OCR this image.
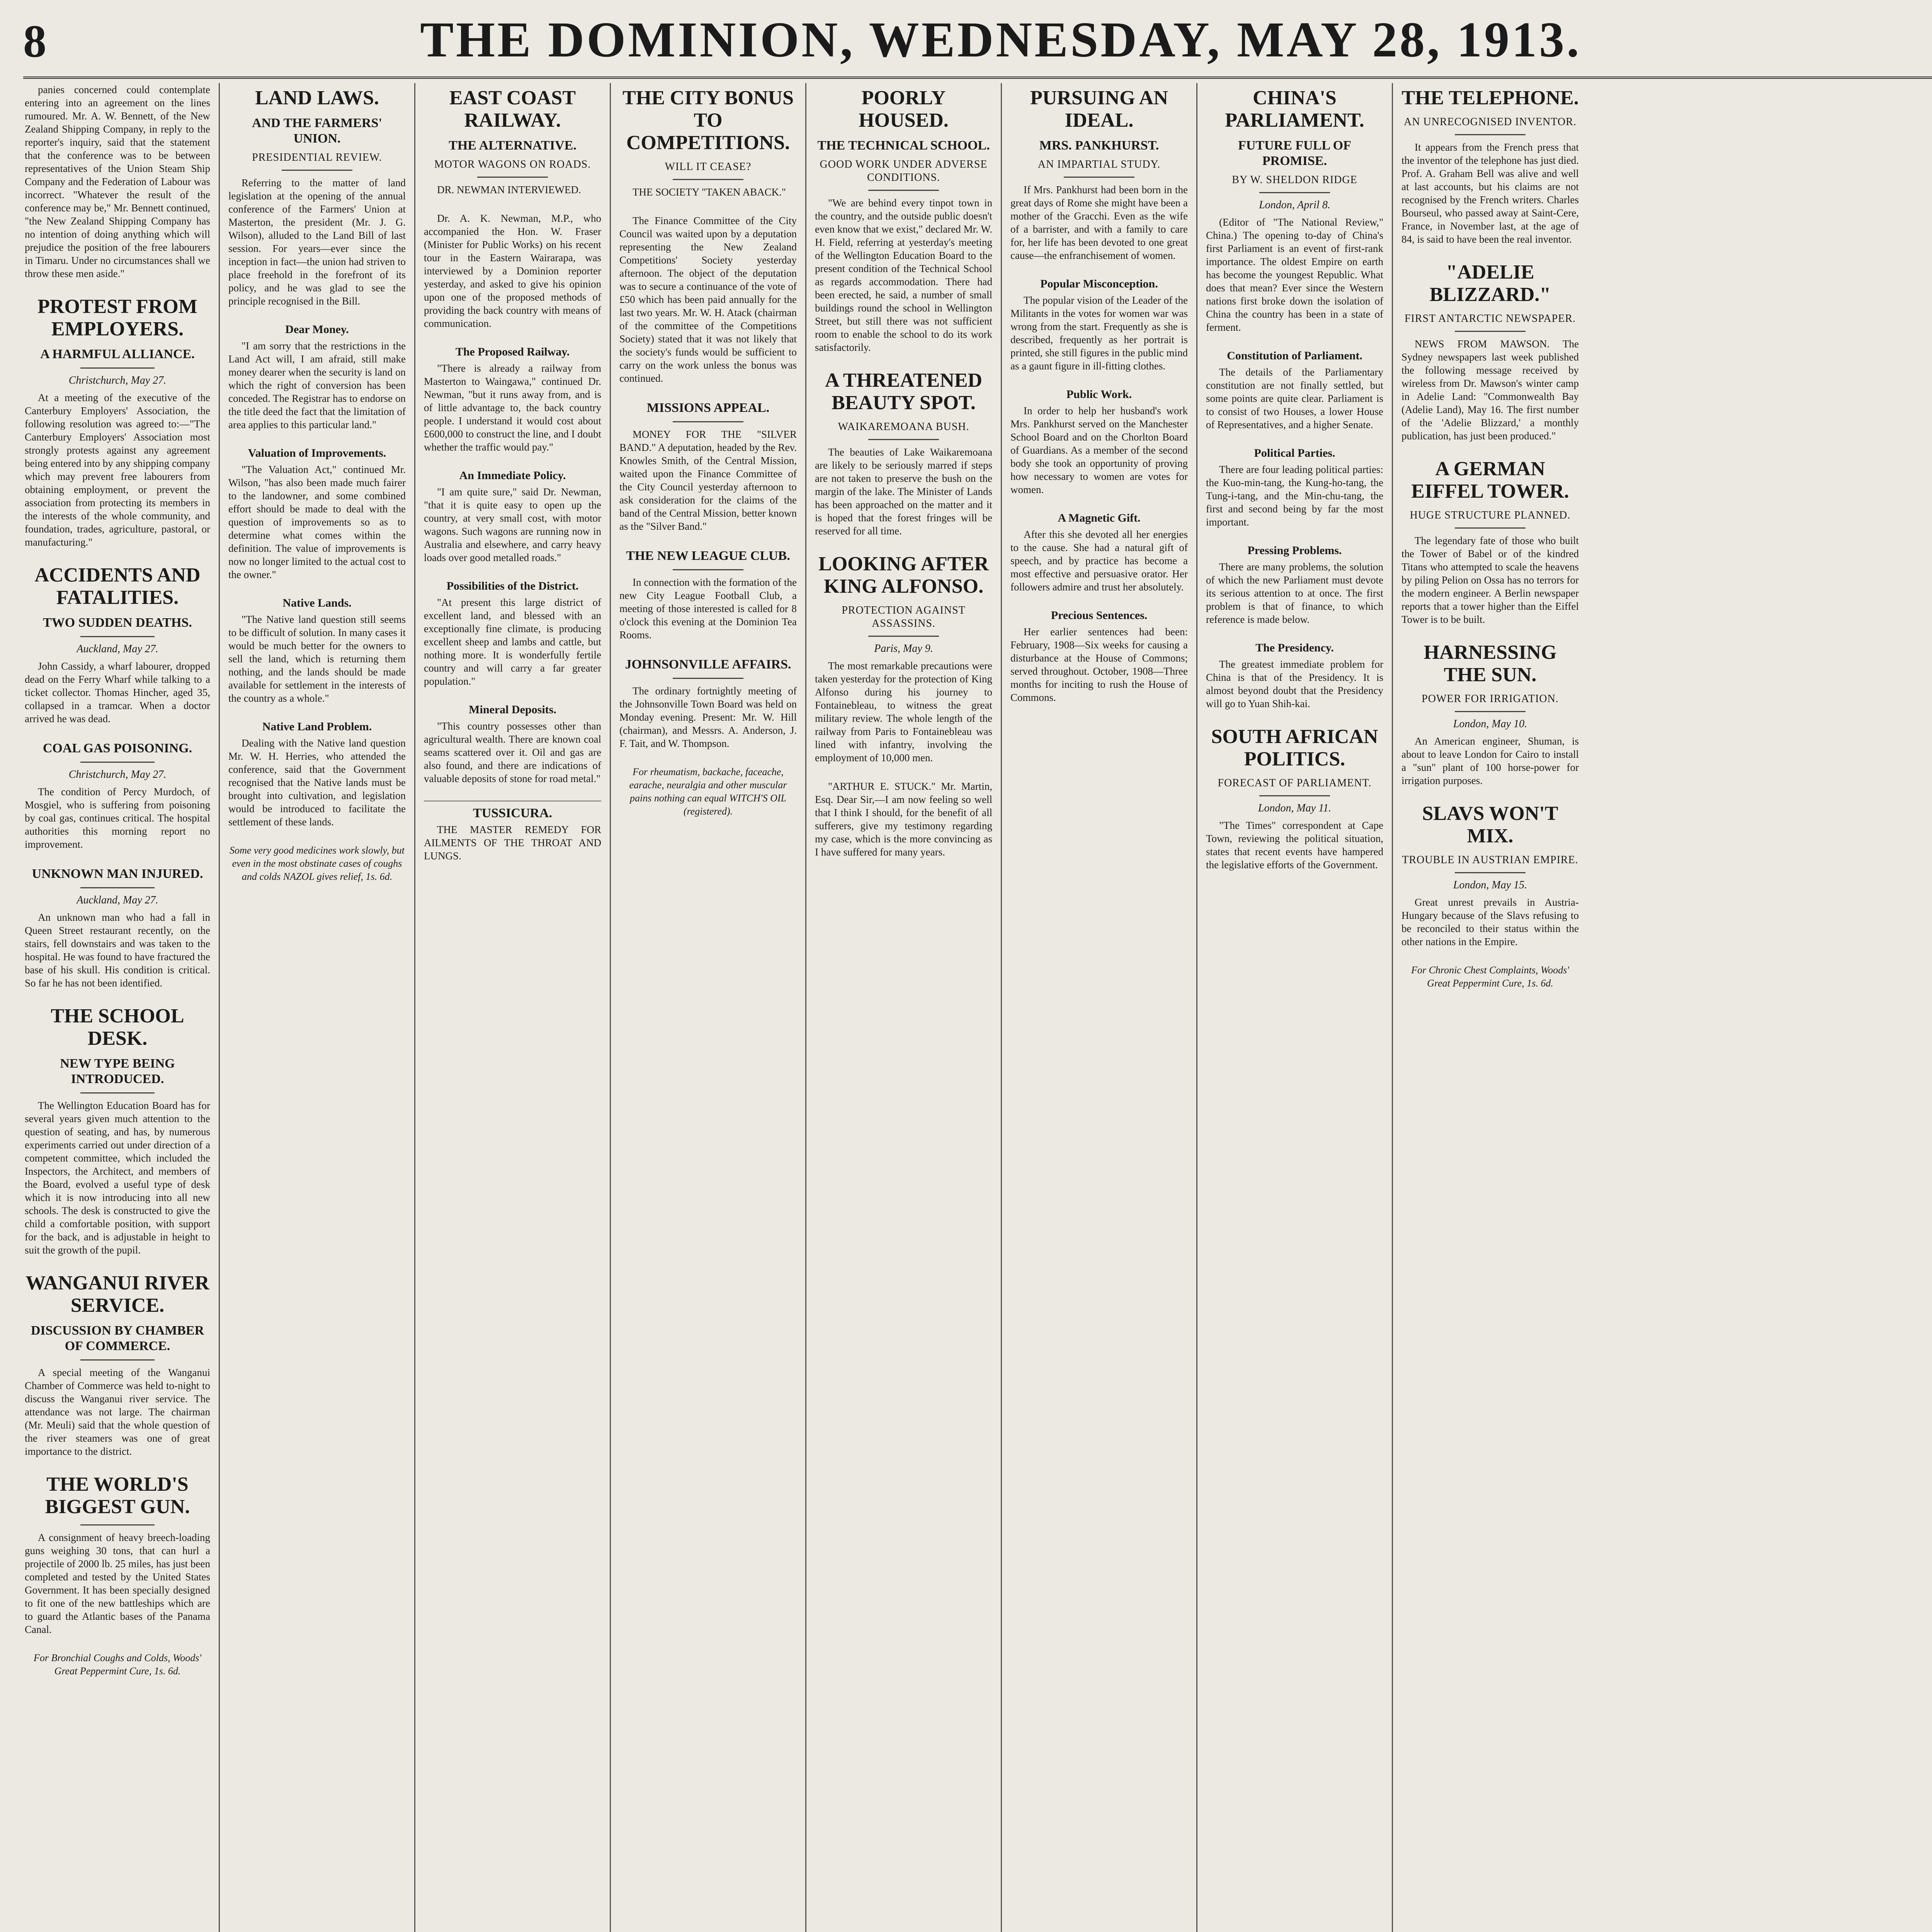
8	THE DOMINION, WEDNESDAY, MAY 28, 1913.
panies concerned could contemplate entering into an agreement on the lines rumoured. Mr. A. W. Bennett, of the New Zealand Shipping Company, in reply to the reporter's inquiry, said that the statement that the conference was to be between representatives of the Union Steam Ship Company and the Federation of Labour was incorrect. "Whatever the result of the conference may be," Mr. Bennett continued, "the New Zealand Shipping Company has no intention of doing anything which will prejudice the position of the free labourers in Timaru. Under no circumstances shall we throw these men aside."
PROTEST FROM EMPLOYERS.
A HARMFUL ALLIANCE.
Christchurch, May 27.
At a meeting of the executive of the Canterbury Employers' Association, the following resolution was agreed to:—"The Canterbury Employers' Association most strongly protests against any agreement being entered into by any shipping company which may prevent free labourers from obtaining employment, or prevent the association from protecting its members in the interests of the whole community, and foundation, trades, agriculture, pastoral, or manufacturing."
ACCIDENTS AND FATALITIES.
TWO SUDDEN DEATHS.
Auckland, May 27.
John Cassidy, a wharf labourer, dropped dead on the Ferry Wharf while talking to a ticket collector. Thomas Hincher, aged 35, collapsed in a tramcar. When a doctor arrived he was dead.
COAL GAS POISONING.
Christchurch, May 27.
The condition of Percy Murdoch, of Mosgiel, who is suffering from poisoning by coal gas, continues critical. The hospital authorities this morning report no improvement.
UNKNOWN MAN INJURED.
Auckland, May 27.
An unknown man who had a fall in Queen Street restaurant recently, on the stairs, fell downstairs and was taken to the hospital. He was found to have fractured the base of his skull. His condition is critical. So far he has not been identified.
THE SCHOOL DESK.
NEW TYPE BEING INTRODUCED.
The Wellington Education Board has for several years given much attention to the question of seating, and has, by numerous experiments carried out under direction of a competent committee, which included the Inspectors, the Architect, and members of the Board, evolved a useful type of desk which it is now introducing into all new schools. The desk is constructed to give the child a comfortable position, with support for the back, and is adjustable in height to suit the growth of the pupil.
WANGANUI RIVER SERVICE.
DISCUSSION BY CHAMBER OF COMMERCE.
A special meeting of the Wanganui Chamber of Commerce was held to-night to discuss the Wanganui river service. The attendance was not large. The chairman (Mr. Meuli) said that the whole question of the river steamers was one of great importance to the district.
THE WORLD'S BIGGEST GUN.
A consignment of heavy breech-loading guns weighing 30 tons, that can hurl a projectile of 2000 lb. 25 miles, has just been completed and tested by the United States Government. It has been specially designed to fit one of the new battleships which are to guard the Atlantic bases of the Panama Canal.
For Bronchial Coughs and Colds, Woods' Great Peppermint Cure, 1s. 6d.
LAND LAWS.
AND THE FARMERS' UNION.
PRESIDENTIAL REVIEW.
Referring to the matter of land legislation at the opening of the annual conference of the Farmers' Union at Masterton, the president (Mr. J. G. Wilson), alluded to the Land Bill of last session. For years—ever since the inception in fact—the union had striven to place freehold in the forefront of its policy, and he was glad to see the principle recognised in the Bill.
Dear Money.
"I am sorry that the restrictions in the Land Act will, I am afraid, still make money dearer when the security is land on which the right of conversion has been conceded. The Registrar has to endorse on the title deed the fact that the limitation of area applies to this particular land."
Valuation of Improvements.
"The Valuation Act," continued Mr. Wilson, "has also been made much fairer to the landowner, and some combined effort should be made to deal with the question of improvements so as to determine what comes within the definition. The value of improvements is now no longer limited to the actual cost to the owner."
Native Lands.
"The Native land question still seems to be difficult of solution. In many cases it would be much better for the owners to sell the land, which is returning them nothing, and the lands should be made available for settlement in the interests of the country as a whole."
Native Land Problem.
Dealing with the Native land question Mr. W. H. Herries, who attended the conference, said that the Government recognised that the Native lands must be brought into cultivation, and legislation would be introduced to facilitate the settlement of these lands.
Some very good medicines work slowly, but even in the most obstinate cases of coughs and colds NAZOL gives relief, 1s. 6d.
EAST COAST RAILWAY.
THE ALTERNATIVE.
MOTOR WAGONS ON ROADS.
DR. NEWMAN INTERVIEWED.
Dr. A. K. Newman, M.P., who accompanied the Hon. W. Fraser (Minister for Public Works) on his recent tour in the Eastern Wairarapa, was interviewed by a Dominion reporter yesterday, and asked to give his opinion upon one of the proposed methods of providing the back country with means of communication.
The Proposed Railway.
"There is already a railway from Masterton to Waingawa," continued Dr. Newman, "but it runs away from, and is of little advantage to, the back country people. I understand it would cost about £600,000 to construct the line, and I doubt whether the traffic would pay."
An Immediate Policy.
"I am quite sure," said Dr. Newman, "that it is quite easy to open up the country, at very small cost, with motor wagons. Such wagons are running now in Australia and elsewhere, and carry heavy loads over good metalled roads."
Possibilities of the District.
"At present this large district of excellent land, and blessed with an exceptionally fine climate, is producing excellent sheep and lambs and cattle, but nothing more. It is wonderfully fertile country and will carry a far greater population."
Mineral Deposits.
"This country possesses other than agricultural wealth. There are known coal seams scattered over it. Oil and gas are also found, and there are indications of valuable deposits of stone for road metal."
TUSSICURA.
THE MASTER REMEDY FOR AILMENTS OF THE THROAT AND LUNGS.
THE CITY BONUS TO COMPETITIONS.
WILL IT CEASE?
THE SOCIETY "TAKEN ABACK."
The Finance Committee of the City Council was waited upon by a deputation representing the New Zealand Competitions' Society yesterday afternoon. The object of the deputation was to secure a continuance of the vote of £50 which has been paid annually for the last two years. Mr. W. H. Atack (chairman of the committee of the Competitions Society) stated that it was not likely that the society's funds would be sufficient to carry on the work unless the bonus was continued.
MISSIONS APPEAL.
MONEY FOR THE "SILVER BAND." A deputation, headed by the Rev. Knowles Smith, of the Central Mission, waited upon the Finance Committee of the City Council yesterday afternoon to ask consideration for the claims of the band of the Central Mission, better known as the "Silver Band."
THE NEW LEAGUE CLUB.
In connection with the formation of the new City League Football Club, a meeting of those interested is called for 8 o'clock this evening at the Dominion Tea Rooms.
JOHNSONVILLE AFFAIRS.
The ordinary fortnightly meeting of the Johnsonville Town Board was held on Monday evening. Present: Mr. W. Hill (chairman), and Messrs. A. Anderson, J. F. Tait, and W. Thompson.
For rheumatism, backache, faceache, earache, neuralgia and other muscular pains nothing can equal WITCH'S OIL (registered).
POORLY HOUSED.
THE TECHNICAL SCHOOL.
GOOD WORK UNDER ADVERSE CONDITIONS.
"We are behind every tinpot town in the country, and the outside public doesn't even know that we exist," declared Mr. W. H. Field, referring at yesterday's meeting of the Wellington Education Board to the present condition of the Technical School as regards accommodation. There had been erected, he said, a number of small buildings round the school in Wellington Street, but still there was not sufficient room to enable the school to do its work satisfactorily.
A THREATENED BEAUTY SPOT.
WAIKAREMOANA BUSH.
The beauties of Lake Waikaremoana are likely to be seriously marred if steps are not taken to preserve the bush on the margin of the lake. The Minister of Lands has been approached on the matter and it is hoped that the forest fringes will be reserved for all time.
LOOKING AFTER KING ALFONSO.
PROTECTION AGAINST ASSASSINS.
Paris, May 9.
The most remarkable precautions were taken yesterday for the protection of King Alfonso during his journey to Fontainebleau, to witness the great military review. The whole length of the railway from Paris to Fontainebleau was lined with infantry, involving the employment of 10,000 men.
"ARTHUR E. STUCK." Mr. Martin, Esq. Dear Sir,—I am now feeling so well that I think I should, for the benefit of all sufferers, give my testimony regarding my case, which is the more convincing as I have suffered for many years.
PURSUING AN IDEAL.
MRS. PANKHURST.
AN IMPARTIAL STUDY.
If Mrs. Pankhurst had been born in the great days of Rome she might have been a mother of the Gracchi. Even as the wife of a barrister, and with a family to care for, her life has been devoted to one great cause—the enfranchisement of women.
Popular Misconception.
The popular vision of the Leader of the Militants in the votes for women war was wrong from the start. Frequently as she is described, frequently as her portrait is printed, she still figures in the public mind as a gaunt figure in ill-fitting clothes.
Public Work.
In order to help her husband's work Mrs. Pankhurst served on the Manchester School Board and on the Chorlton Board of Guardians. As a member of the second body she took an opportunity of proving how necessary to women are votes for women.
A Magnetic Gift.
After this she devoted all her energies to the cause. She had a natural gift of speech, and by practice has become a most effective and persuasive orator. Her followers admire and trust her absolutely.
Precious Sentences.
Her earlier sentences had been: February, 1908—Six weeks for causing a disturbance at the House of Commons; served throughout. October, 1908—Three months for inciting to rush the House of Commons.
CHINA'S PARLIAMENT.
FUTURE FULL OF PROMISE.
BY W. SHELDON RIDGE
London, April 8.
(Editor of "The National Review," China.) The opening to-day of China's first Parliament is an event of first-rank importance. The oldest Empire on earth has become the youngest Republic. What does that mean? Ever since the Western nations first broke down the isolation of China the country has been in a state of ferment.
Constitution of Parliament.
The details of the Parliamentary constitution are not finally settled, but some points are quite clear. Parliament is to consist of two Houses, a lower House of Representatives, and a higher Senate.
Political Parties.
There are four leading political parties: the Kuo-min-tang, the Kung-ho-tang, the Tung-i-tang, and the Min-chu-tang, the first and second being by far the most important.
Pressing Problems.
There are many problems, the solution of which the new Parliament must devote its serious attention to at once. The first problem is that of finance, to which reference is made below.
The Presidency.
The greatest immediate problem for China is that of the Presidency. It is almost beyond doubt that the Presidency will go to Yuan Shih-kai.
SOUTH AFRICAN POLITICS.
FORECAST OF PARLIAMENT.
London, May 11.
"The Times" correspondent at Cape Town, reviewing the political situation, states that recent events have hampered the legislative efforts of the Government.
THE TELEPHONE.
AN UNRECOGNISED INVENTOR.
It appears from the French press that the inventor of the telephone has just died. Prof. A. Graham Bell was alive and well at last accounts, but his claims are not recognised by the French writers. Charles Bourseul, who passed away at Saint-Cere, France, in November last, at the age of 84, is said to have been the real inventor.
"ADELIE BLIZZARD."
FIRST ANTARCTIC NEWSPAPER.
NEWS FROM MAWSON. The Sydney newspapers last week published the following message received by wireless from Dr. Mawson's winter camp in Adelie Land: "Commonwealth Bay (Adelie Land), May 16. The first number of the 'Adelie Blizzard,' a monthly publication, has just been produced."
A GERMAN EIFFEL TOWER.
HUGE STRUCTURE PLANNED.
The legendary fate of those who built the Tower of Babel or of the kindred Titans who attempted to scale the heavens by piling Pelion on Ossa has no terrors for the modern engineer. A Berlin newspaper reports that a tower higher than the Eiffel Tower is to be built.
HARNESSING THE SUN.
POWER FOR IRRIGATION.
London, May 10.
An American engineer, Shuman, is about to leave London for Cairo to install a "sun" plant of 100 horse-power for irrigation purposes.
SLAVS WON'T MIX.
TROUBLE IN AUSTRIAN EMPIRE.
London, May 15.
Great unrest prevails in Austria-Hungary because of the Slavs refusing to be reconciled to their status within the other nations in the Empire.
For Chronic Chest Complaints, Woods' Great Peppermint Cure, 1s. 6d.
